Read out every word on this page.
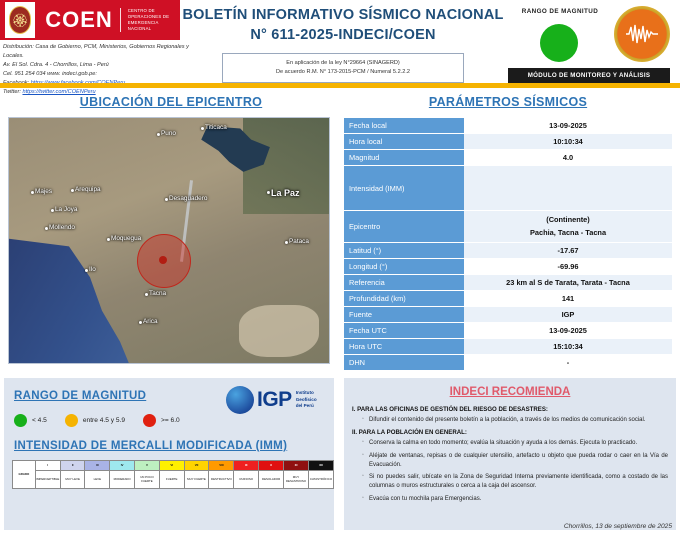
🏵 COEN	CENTRO DE
OPERACIONES DE
EMERGENCIA NACIONAL
Distribución: Casa de Gobierno, PCM, Ministerios, Gobiernos Regionales y Locales.
Av. El Sol. Cdra. 4 - Chorrillos, Lima - Perú
Cel. 951 254 034 www. indeci.gob.pe:
Twitter: https://twitter.com/COENPeru
BOLETÍN INFORMATIVO SÍSMICO NACIONAL
N° 611-2025-INDECI/COEN
En aplicación de la ley N°29664 (SINAGERD)
De acuerdo R.M. N° 173-2015-PCM / Numeral 5.2.2.2
RANGO DE MAGNITUD
MÓDULO DE MONITOREO Y ANÁLISIS
UBICACIÓN DEL EPICENTRO
Puno
Titicaca
Majes	Arequipa
Desaguadero
La Paz
La Joya
Mollendo
Moquegua	Pataca
Ilo
Tacna
Arica
PARÁMETROS SÍSMICOS
Fecha local	13-09-2025
Hora local	10:10:34
Magnitud	4.0
Intensidad (IMM)	
Epicentro	(Continente)
Pachia, Tacna - Tacna
Latitud (°)	-17.67
Longitud (°)	-69.96
Referencia	23 km al S de Tarata, Tarata - Tacna
Profundidad (km)	141
Fuente	IGP
Fecha UTC	13-09-2025
Hora UTC	15:10:34
DHN	-
RANGO DE MAGNITUD
< 4.5	entre 4.5 y 5.9	>= 6.0
IGP Instituto
Geofísico
del Perú
INTENSIDAD DE MERCALLI MODIFICADA (IMM)
GRADO	I	II	III	IV	V	VI	VII	VIII	IX	X	XI	XII
	IMPERCEPTIBLE	MUY LEVE	LEVE	MODERADO	UN POCO FUERTE	FUERTE	MUY FUERTE	DESTRUCTIVO	RUINOSO	DESOLADOR	MUY DESASTROSO	CATASTRÓFICO
INDECI RECOMIENDA

I. PARA LAS OFICINAS DE GESTIÓN DEL RIESGO DE DESASTRES:

▫ Difundir el contenido del presente boletín a la población, a través de los medios de comunicación social.

II. PARA LA POBLACIÓN EN GENERAL:

▫ Conserva la calma en todo momento; evalúa la situación y ayuda a los demás. Ejecuta lo practicado.

▫ Aléjate de ventanas, repisas o de cualquier utensilio, artefacto u objeto que pueda rodar o caer en la Vía de Evacuación.

▫ Si no puedes salir, ubícate en la Zona de Seguridad Interna previamente identificada, como a costado de las columnas o muros estructurales o cerca a la caja del ascensor.

▫ Evacúa con tu mochila para Emergencias.

Chorrillos, 13 de septiembre de 2025
